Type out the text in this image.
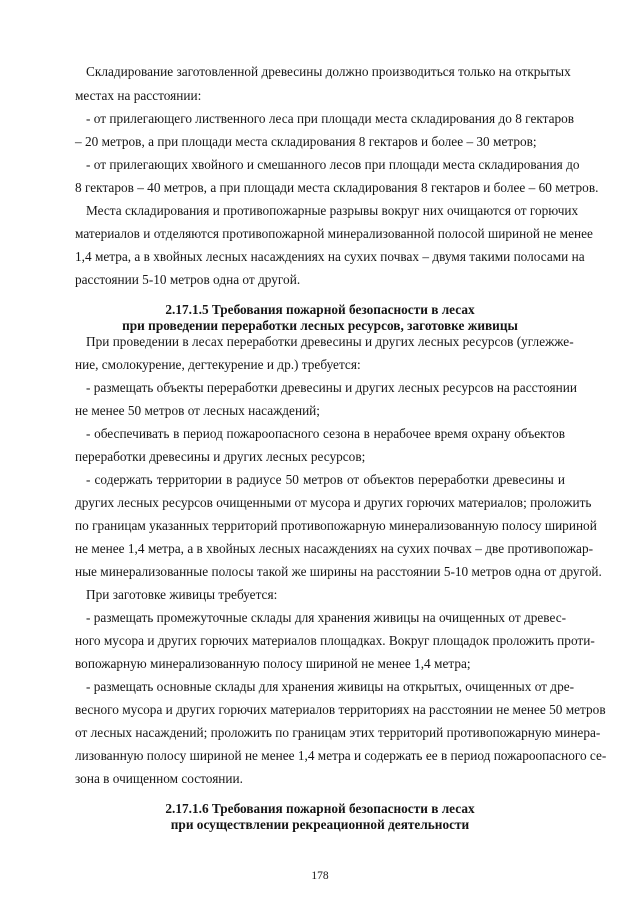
Складирование заготовленной древесины должно производиться только на открытых
местах на расстоянии:
- от прилегающего лиственного леса при площади места складирования до 8 гектаров
– 20 метров, а при площади места складирования 8 гектаров и более – 30 метров;
- от прилегающих хвойного и смешанного лесов при площади места складирования до
8 гектаров – 40 метров, а при площади места складирования 8 гектаров и более – 60 метров.
Места складирования и противопожарные разрывы вокруг них очищаются от горючих
материалов и отделяются противопожарной минерализованной полосой шириной не менее
1,4 метра, а в хвойных лесных насаждениях на сухих почвах – двумя такими полосами на
расстоянии 5-10 метров одна от другой.
2.17.1.5 Требования пожарной безопасности в лесах
при проведении переработки лесных ресурсов, заготовке живицы
При проведении в лесах переработки древесины и других лесных ресурсов (углежже-
ние, смолокурение, дегтекурение и др.) требуется:
- размещать объекты переработки древесины и других лесных ресурсов на расстоянии
не менее 50 метров от лесных насаждений;
- обеспечивать в период пожароопасного сезона в нерабочее время охрану объектов
переработки древесины и других лесных ресурсов;
- содержать территории в радиусе 50 метров от объектов переработки древесины и
других лесных ресурсов очищенными от мусора и других горючих материалов; проложить
по границам указанных территорий противопожарную минерализованную полосу шириной
не менее 1,4 метра, а в хвойных лесных насаждениях на сухих почвах – две противопожар-
ные минерализованные полосы такой же ширины на расстоянии 5-10 метров одна от другой.
При заготовке живицы требуется:
- размещать промежуточные склады для хранения живицы на очищенных от древес-
ного мусора и других горючих материалов площадках. Вокруг площадок проложить проти-
вопожарную минерализованную полосу шириной не менее 1,4 метра;
- размещать основные склады для хранения живицы на открытых, очищенных от дре-
весного мусора и других горючих материалов территориях на расстоянии не менее 50 метров
от лесных насаждений; проложить по границам этих территорий противопожарную минера-
лизованную полосу шириной не менее 1,4 метра и содержать ее в период пожароопасного се-
зона в очищенном состоянии.
2.17.1.6 Требования пожарной безопасности в лесах
при осуществлении рекреационной деятельности
178
